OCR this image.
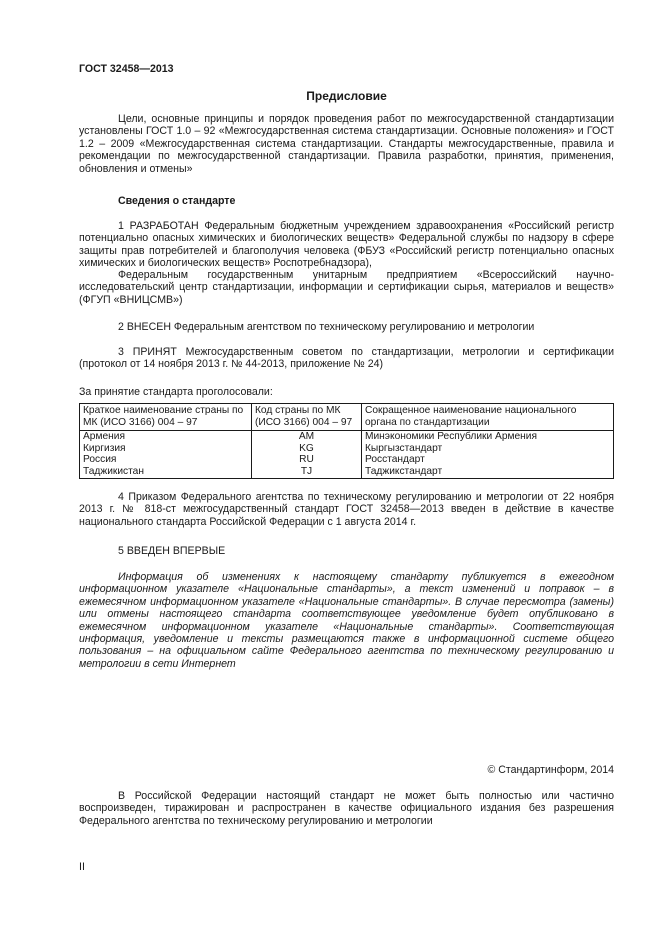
ГОСТ 32458—2013
Предисловие

Цели, основные принципы и порядок проведения работ по межгосударственной стандартизации установлены ГОСТ 1.0 – 92 «Межгосударственная система стандартизации. Основные положения» и ГОСТ 1.2 – 2009 «Межгосударственная система стандартизации. Стандарты межгосударственные, правила и рекомендации по межгосударственной стандартизации. Правила разработки, принятия, применения, обновления и отмены»

Сведения о стандарте

1 РАЗРАБОТАН Федеральным бюджетным учреждением здравоохранения «Российский регистр потенциально опасных химических и биологических веществ» Федеральной службы по надзору в сфере защиты прав потребителей и благополучия человека (ФБУЗ «Российский регистр потенциально опасных химических и биологических веществ» Роспотребнадзора),

Федеральным государственным унитарным предприятием «Всероссийский научно-исследовательский центр стандартизации, информации и сертификации сырья, материалов и веществ» (ФГУП «ВНИЦСМВ»)

2 ВНЕСЕН Федеральным агентством по техническому регулированию и метрологии

3 ПРИНЯТ Межгосударственным советом по стандартизации, метрологии и сертификации (протокол от 14 ноября 2013 г. № 44-2013, приложение № 24)

За принятие стандарта проголосовали:

Краткое наименование страны по МК (ИСО 3166) 004 – 97	Код страны по МК (ИСО 3166) 004 – 97	Сокращенное наименование национального органа по стандартизации
Армения	AM	Минэкономики Республики Армения
Киргизия	KG	Кыргызстандарт
Россия	RU	Росстандарт
Таджикистан	TJ	Таджикстандарт

4 Приказом Федерального агентства по техническому регулированию и метрологии от 22 ноября 2013 г. № 818-ст межгосударственный стандарт ГОСТ 32458—2013 введен в действие в качестве национального стандарта Российской Федерации с 1 августа 2014 г.

5 ВВЕДЕН ВПЕРВЫЕ

Информация об изменениях к настоящему стандарту публикуется в ежегодном информационном указателе «Национальные стандарты», а текст изменений и поправок – в ежемесячном информационном указателе «Национальные стандарты». В случае пересмотра (замены) или отмены настоящего стандарта соответствующее уведомление будет опубликовано в ежемесячном информационном указателе «Национальные стандарты». Соответствующая информация, уведомление и тексты размещаются также в информационной системе общего пользования – на официальном сайте Федерального агентства по техническому регулированию и метрологии в сети Интернет

© Стандартинформ, 2014

В Российской Федерации настоящий стандарт не может быть полностью или частично воспроизведен, тиражирован и распространен в качестве официального издания без разрешения Федерального агентства по техническому регулированию и метрологии

II
